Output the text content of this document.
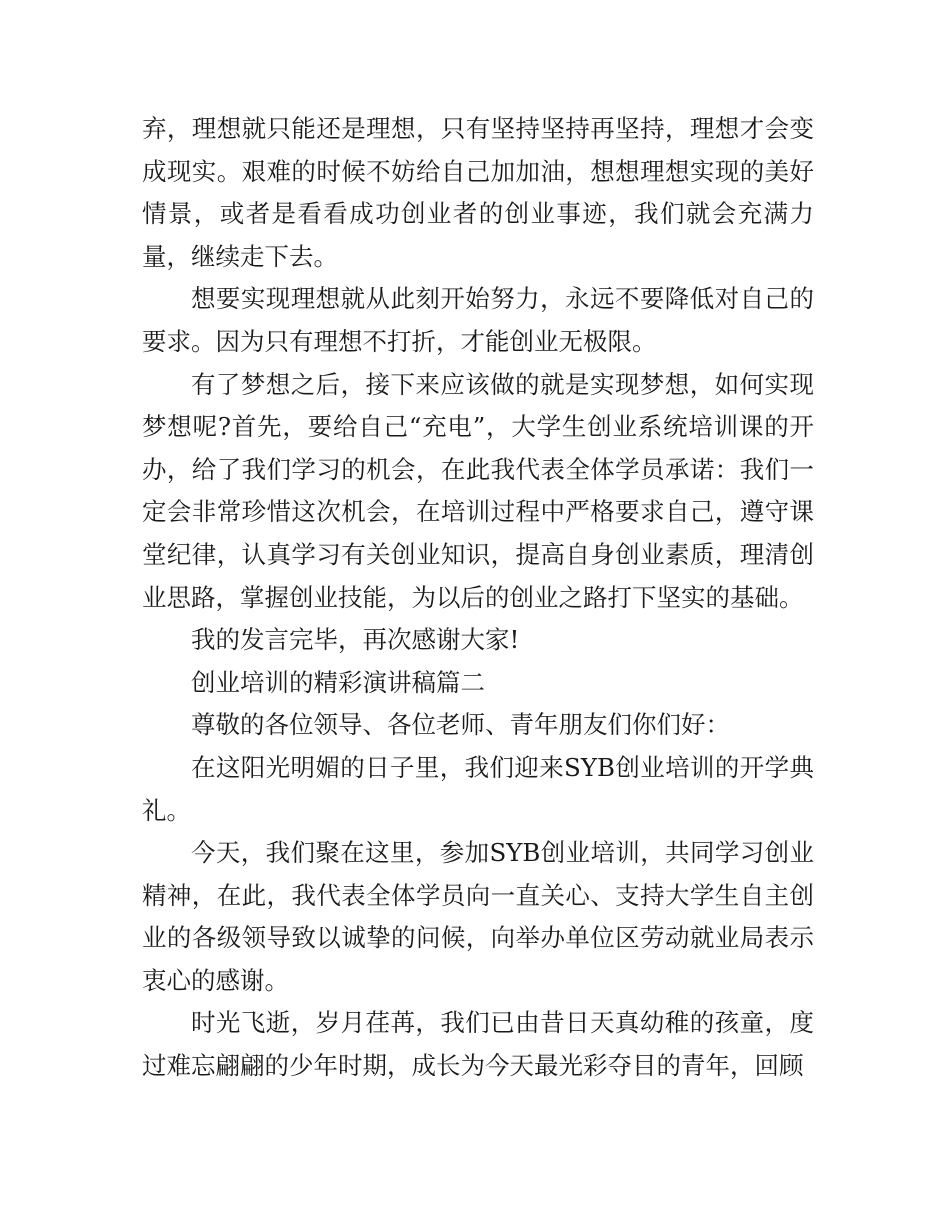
弃，理想就只能还是理想，只有坚持坚持再坚持，理想才会变成现实。艰难的时候不妨给自己加加油，想想理想实现的美好情景，或者是看看成功创业者的创业事迹，我们就会充满力量，继续走下去。

想要实现理想就从此刻开始努力，永远不要降低对自己的要求。因为只有理想不打折，才能创业无极限。

有了梦想之后，接下来应该做的就是实现梦想，如何实现梦想呢?首先，要给自己“充电”，大学生创业系统培训课的开办，给了我们学习的机会，在此我代表全体学员承诺：我们一定会非常珍惜这次机会，在培训过程中严格要求自己，遵守课堂纪律，认真学习有关创业知识，提高自身创业素质，理清创业思路，掌握创业技能，为以后的创业之路打下坚实的基础。

我的发言完毕，再次感谢大家!

创业培训的精彩演讲稿篇二

尊敬的各位领导、各位老师、青年朋友们你们好：

在这阳光明媚的日子里，我们迎来SYB创业培训的开学典礼。

今天，我们聚在这里，参加SYB创业培训，共同学习创业精神，在此，我代表全体学员向一直关心、支持大学生自主创业的各级领导致以诚挚的问候，向举办单位区劳动就业局表示衷心的感谢。

时光飞逝，岁月荏苒，我们已由昔日天真幼稚的孩童，度过难忘翩翩的少年时期，成长为今天最光彩夺目的青年，回顾
